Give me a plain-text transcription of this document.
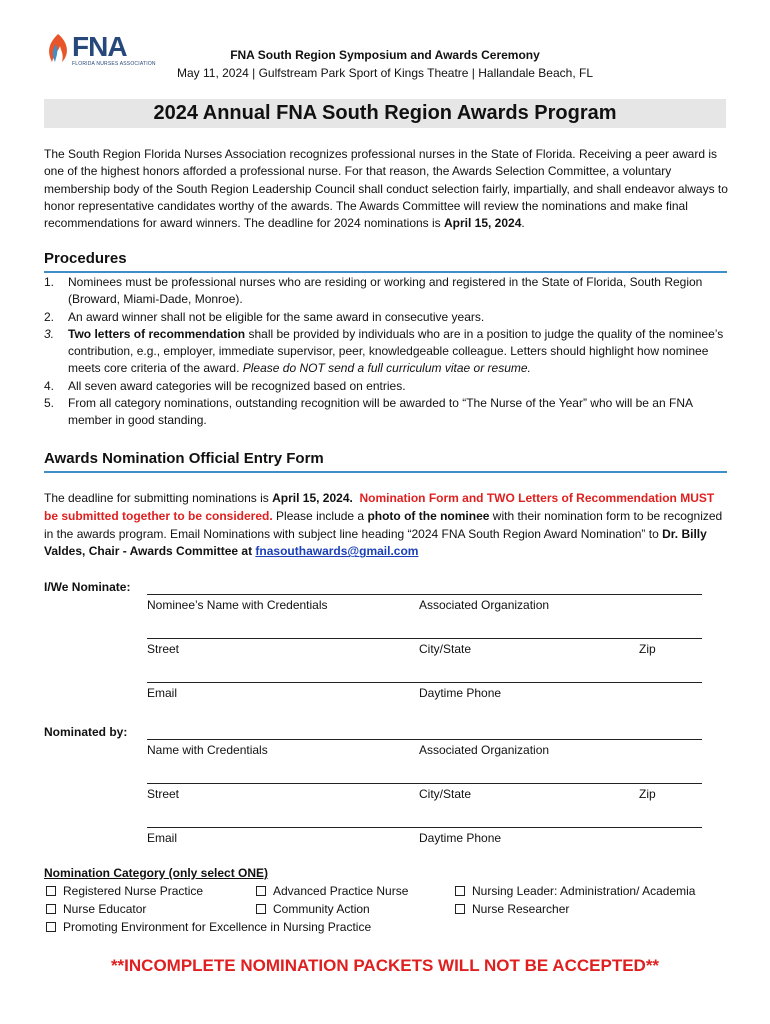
FNA
FLORIDA NURSES ASSOCIATION
FNA South Region Symposium and Awards Ceremony
May 11, 2024 | Gulfstream Park Sport of Kings Theatre | Hallandale Beach, FL
2024 Annual FNA South Region Awards Program
The South Region Florida Nurses Association recognizes professional nurses in the State of Florida. Receiving a peer award is one of the highest honors afforded a professional nurse. For that reason, the Awards Selection Committee, a voluntary membership body of the South Region Leadership Council shall conduct selection fairly, impartially, and shall endeavor always to honor representative candidates worthy of the awards. The Awards Committee will review the nominations and make final recommendations for award winners. The deadline for 2024 nominations is April 15, 2024.
Procedures
1. Nominees must be professional nurses who are residing or working and registered in the State of Florida, South Region (Broward, Miami-Dade, Monroe).
2. An award winner shall not be eligible for the same award in consecutive years.
3. Two letters of recommendation shall be provided by individuals who are in a position to judge the quality of the nominee’s contribution, e.g., employer, immediate supervisor, peer, knowledgeable colleague. Letters should highlight how nominee meets core criteria of the award. Please do NOT send a full curriculum vitae or resume.
4. All seven award categories will be recognized based on entries.
5. From all category nominations, outstanding recognition will be awarded to “The Nurse of the Year” who will be an FNA member in good standing.
Awards Nomination Official Entry Form
The deadline for submitting nominations is April 15, 2024. Nomination Form and TWO Letters of Recommendation MUST be submitted together to be considered. Please include a photo of the nominee with their nomination form to be recognized in the awards program. Email Nominations with subject line heading “2024 FNA South Region Award Nomination” to Dr. Billy Valdes, Chair - Awards Committee at fnasouthawards@gmail.com
I/We Nominate:
Nominee’s Name with Credentials	Associated Organization
Street	City/State	Zip
Email	Daytime Phone
Nominated by:
Name with Credentials	Associated Organization
Street	City/State	Zip
Email	Daytime Phone
Nomination Category (only select ONE)
Registered Nurse Practice	Advanced Practice Nurse	Nursing Leader: Administration/ Academia
Nurse Educator	Community Action	Nurse Researcher
Promoting Environment for Excellence in Nursing Practice
**INCOMPLETE NOMINATION PACKETS WILL NOT BE ACCEPTED**
